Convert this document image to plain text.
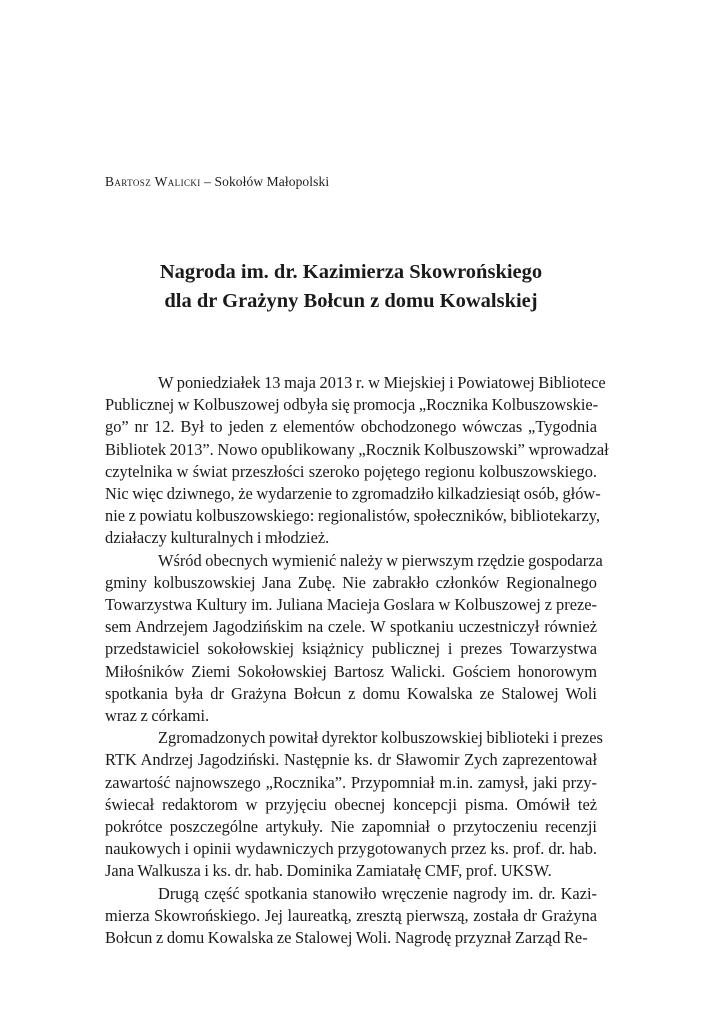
Bartosz Walicki – Sokołów Małopolski
Nagroda im. dr. Kazimierza Skowrońskiego
dla dr Grażyny Bołcun z domu Kowalskiej

W poniedziałek 13 maja 2013 r. w Miejskiej i Powiatowej Bibliotece
Publicznej w Kolbuszowej odbyła się promocja „Rocznika Kolbuszowskie-
go” nr 12. Był to jeden z elementów obchodzonego wówczas „Tygodnia
Bibliotek 2013”. Nowo opublikowany „Rocznik Kolbuszowski” wprowadzał
czytelnika w świat przeszłości szeroko pojętego regionu kolbuszowskiego.
Nic więc dziwnego, że wydarzenie to zgromadziło kilkadziesiąt osób, głów-
nie z powiatu kolbuszowskiego: regionalistów, społeczników, bibliotekarzy,
działaczy kulturalnych i młodzież.

Wśród obecnych wymienić należy w pierwszym rzędzie gospodarza
gminy kolbuszowskiej Jana Zubę. Nie zabrakło członków Regionalnego
Towarzystwa Kultury im. Juliana Macieja Goslara w Kolbuszowej z preze-
sem Andrzejem Jagodzińskim na czele. W spotkaniu uczestniczył również
przedstawiciel sokołowskiej książnicy publicznej i prezes Towarzystwa
Miłośników Ziemi Sokołowskiej Bartosz Walicki. Gościem honorowym
spotkania była dr Grażyna Bołcun z domu Kowalska ze Stalowej Woli
wraz z córkami.

Zgromadzonych powitał dyrektor kolbuszowskiej biblioteki i prezes
RTK Andrzej Jagodziński. Następnie ks. dr Sławomir Zych zaprezentował
zawartość najnowszego „Rocznika”. Przypomniał m.in. zamysł, jaki przy-
świecał redaktorom w przyjęciu obecnej koncepcji pisma. Omówił też
pokrótce poszczególne artykuły. Nie zapomniał o przytoczeniu recenzji
naukowych i opinii wydawniczych przygotowanych przez ks. prof. dr. hab.
Jana Walkusza i ks. dr. hab. Dominika Zamiatałę CMF, prof. UKSW.

Drugą część spotkania stanowiło wręczenie nagrody im. dr. Kazi-
mierza Skowrońskiego. Jej laureatką, zresztą pierwszą, została dr Grażyna
Bołcun z domu Kowalska ze Stalowej Woli. Nagrodę przyznał Zarząd Re-
